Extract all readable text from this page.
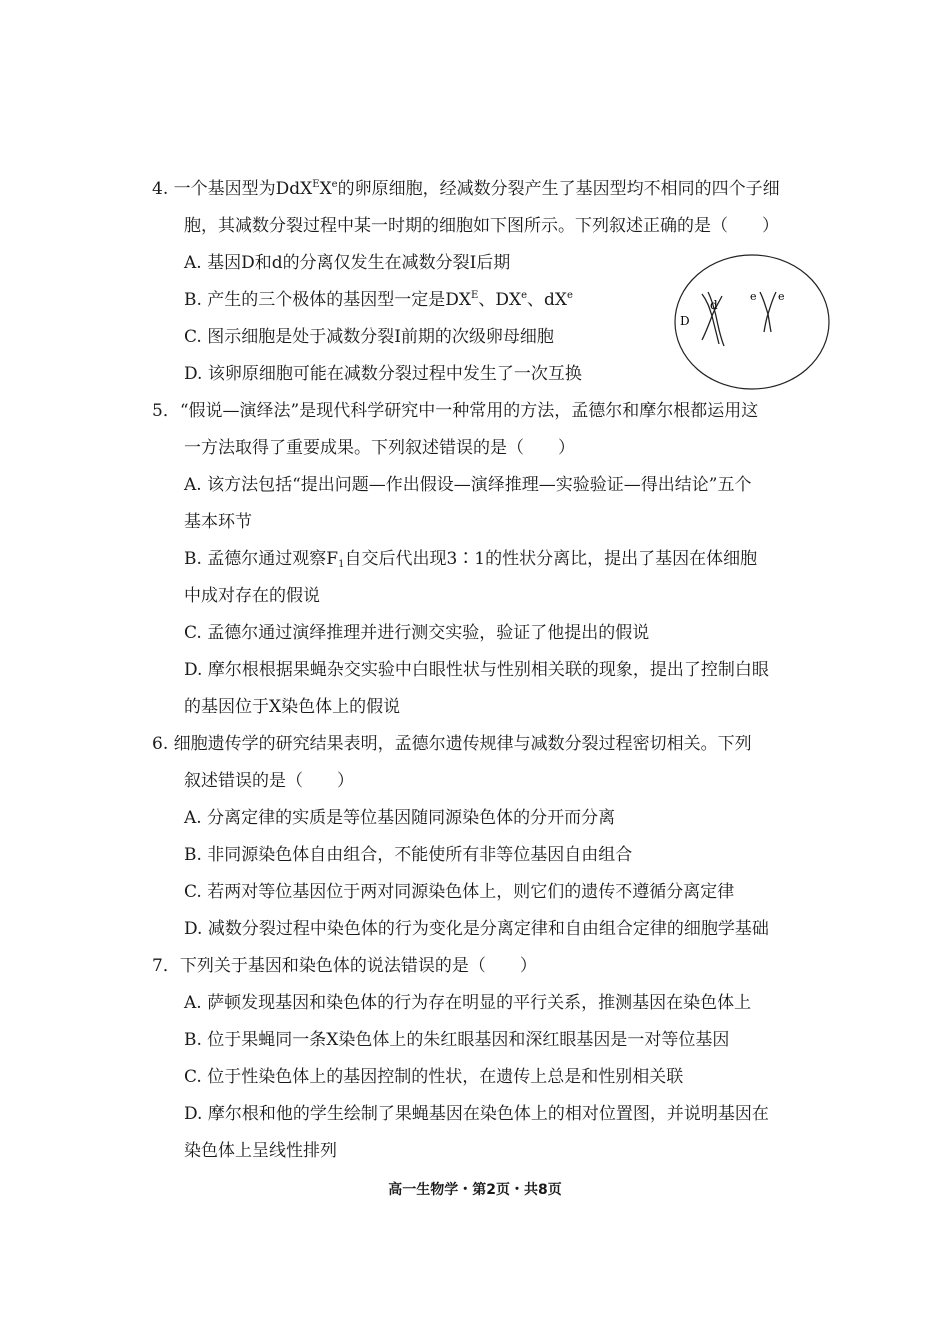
4. 一个基因型为DdX$^E$Xe的卵原细胞，经减数分裂产生了基因型均不相同的四个子细
胞，其减数分裂过程中某一时期的细胞如下图所示。下列叙述正确的是（　　）
A. 基因D和d的分离仅发生在减数分裂Ⅰ后期
B. 产生的三个极体的基因型一定是$DX^E$、DXe、$dX^e$
C. 图示细胞是处于减数分裂Ⅰ前期的次级卵母细胞
D. 该卵原细胞可能在减数分裂过程中发生了一次互换
D
d
e e
5．“假说—演绎法”是现代科学研究中一种常用的方法，孟德尔和摩尔根都运用这
一方法取得了重要成果。下列叙述错误的是（　　）
A. 该方法包括“提出问题—作出假设—演绎推理—实验验证—得出结论”五个
基本环节
B. 孟德尔通过观察$F_1$自交后代出现3∶1的性状分离比，提出了基因在体细胞
中成对存在的假说
C. 孟德尔通过演绎推理并进行测交实验，验证了他提出的假说
D. 摩尔根根据果蝇杂交实验中白眼性状与性别相关联的现象，提出了控制白眼
的基因位于X染色体上的假说
6. 细胞遗传学的研究结果表明，孟德尔遗传规律与减数分裂过程密切相关。下列
叙述错误的是（　　）
A. 分离定律的实质是等位基因随同源染色体的分开而分离
B. 非同源染色体自由组合，不能使所有非等位基因自由组合
C. 若两对等位基因位于两对同源染色体上，则它们的遗传不遵循分离定律
D. 减数分裂过程中染色体的行为变化是分离定律和自由组合定律的细胞学基础
7．下列关于基因和染色体的说法错误的是（　　）
A. 萨顿发现基因和染色体的行为存在明显的平行关系，推测基因在染色体上
B. 位于果蝇同一条X染色体上的朱红眼基因和深红眼基因是一对等位基因
C. 位于性染色体上的基因控制的性状，在遗传上总是和性别相关联
D. 摩尔根和他的学生绘制了果蝇基因在染色体上的相对位置图，并说明基因在
染色体上呈线性排列
高一生物学・第2页・共8页
